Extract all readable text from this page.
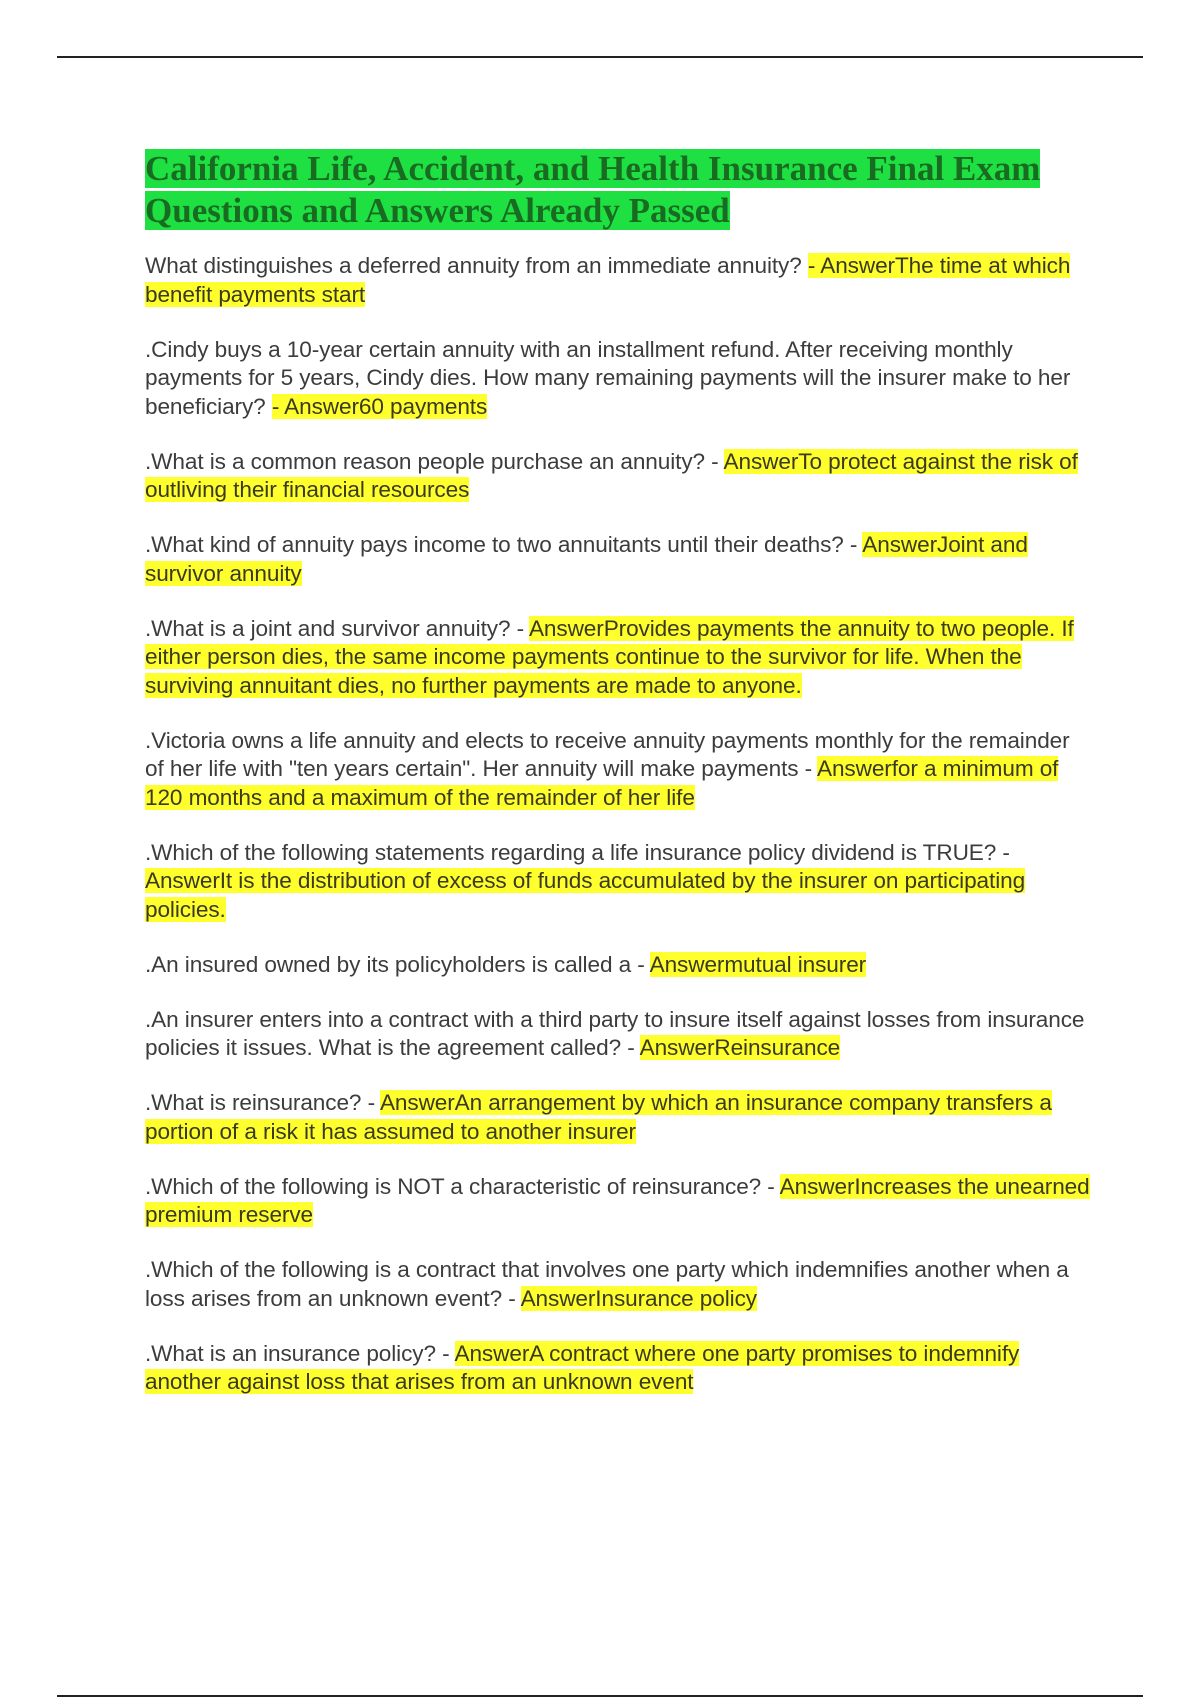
California Life, Accident, and Health Insurance Final Exam Questions and Answers Already Passed

What distinguishes a deferred annuity from an immediate annuity? - AnswerThe time at which benefit payments start

.Cindy buys a 10-year certain annuity with an installment refund. After receiving monthly payments for 5 years, Cindy dies. How many remaining payments will the insurer make to her beneficiary? - Answer60 payments

.What is a common reason people purchase an annuity? - AnswerTo protect against the risk of outliving their financial resources

.What kind of annuity pays income to two annuitants until their deaths? - AnswerJoint and survivor annuity

.What is a joint and survivor annuity? - AnswerProvides payments the annuity to two people. If either person dies, the same income payments continue to the survivor for life. When the surviving annuitant dies, no further payments are made to anyone.

.Victoria owns a life annuity and elects to receive annuity payments monthly for the remainder of her life with "ten years certain". Her annuity will make payments - Answerfor a minimum of 120 months and a maximum of the remainder of her life

.Which of the following statements regarding a life insurance policy dividend is TRUE? - AnswerIt is the distribution of excess of funds accumulated by the insurer on participating policies.

.An insured owned by its policyholders is called a - Answermutual insurer

.An insurer enters into a contract with a third party to insure itself against losses from insurance policies it issues. What is the agreement called? - AnswerReinsurance

.What is reinsurance? - AnswerAn arrangement by which an insurance company transfers a portion of a risk it has assumed to another insurer

.Which of the following is NOT a characteristic of reinsurance? - AnswerIncreases the unearned premium reserve

.Which of the following is a contract that involves one party which indemnifies another when a loss arises from an unknown event? - AnswerInsurance policy

.What is an insurance policy? - AnswerA contract where one party promises to indemnify another against loss that arises from an unknown event
